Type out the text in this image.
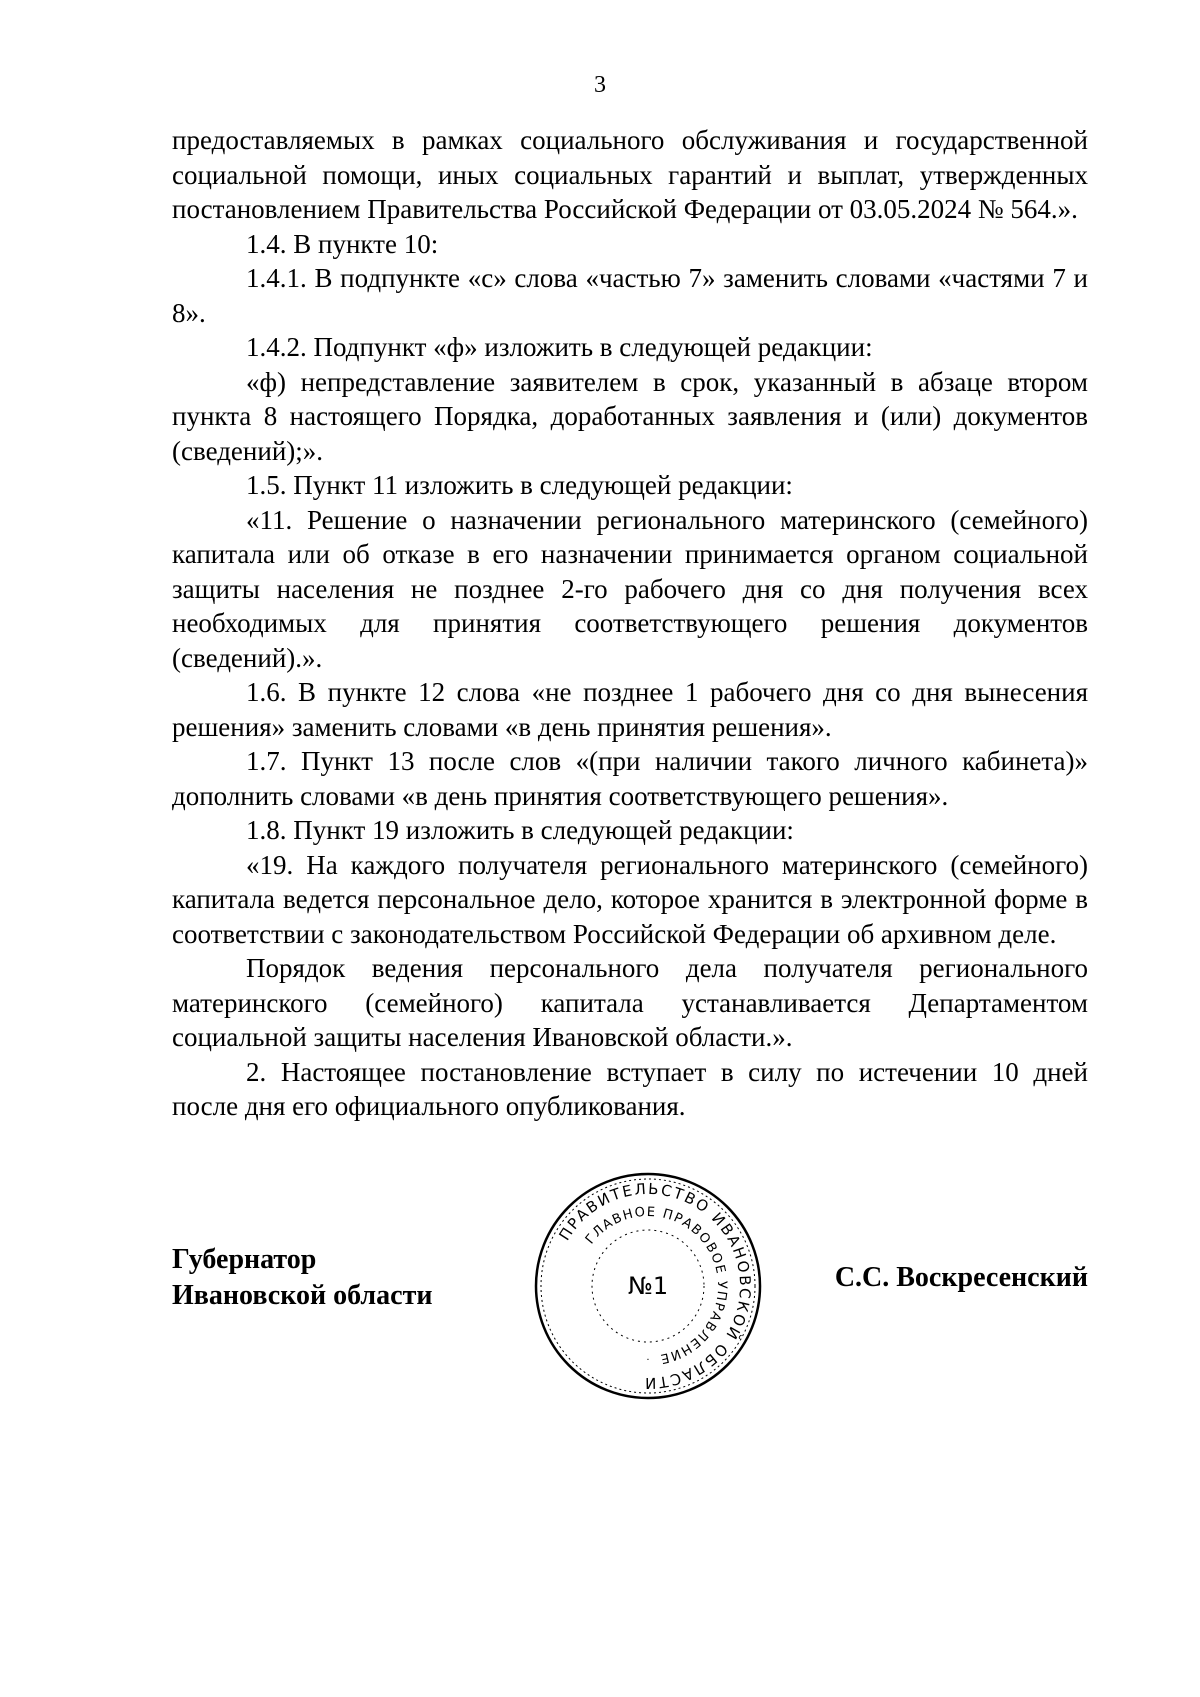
3

предоставляемых в рамках социального обслуживания и государственной социальной помощи, иных социальных гарантий и выплат, утвержденных постановлением Правительства Российской Федерации от 03.05.2024 № 564.».

1.4. В пункте 10:

1.4.1. В подпункте «с» слова «частью 7» заменить словами «частями 7 и 8».

1.4.2. Подпункт «ф» изложить в следующей редакции:

«ф) непредставление заявителем в срок, указанный в абзаце втором пункта 8 настоящего Порядка, доработанных заявления и (или) документов (сведений);».

1.5. Пункт 11 изложить в следующей редакции:

«11. Решение о назначении регионального материнского (семейного) капитала или об отказе в его назначении принимается органом социальной защиты населения не позднее 2-го рабочего дня со дня получения всех необходимых для принятия соответствующего решения документов (сведений).».

1.6. В пункте 12 слова «не позднее 1 рабочего дня со дня вынесения решения» заменить словами «в день принятия решения».

1.7. Пункт 13 после слов «(при наличии такого личного кабинета)» дополнить словами «в день принятия соответствующего решения».

1.8. Пункт 19 изложить в следующей редакции:

«19. На каждого получателя регионального материнского (семейного) капитала ведется персональное дело, которое хранится в электронной форме в соответствии с законодательством Российской Федерации об архивном деле.

Порядок ведения персонального дела получателя регионального материнского (семейного) капитала устанавливается Департаментом социальной защиты населения Ивановской области.».

2. Настоящее постановление вступает в силу по истечении 10 дней после дня его официального опубликования.

Губернатор
Ивановской области
ПРАВИТЕЛЬСТВО ИВАНОВСКОЙ ОБЛАСТИ
ГЛАВНОЕ ПРАВОВОЕ УПРАВЛЕНИЕ
№1
.
С.С. Воскресенский
